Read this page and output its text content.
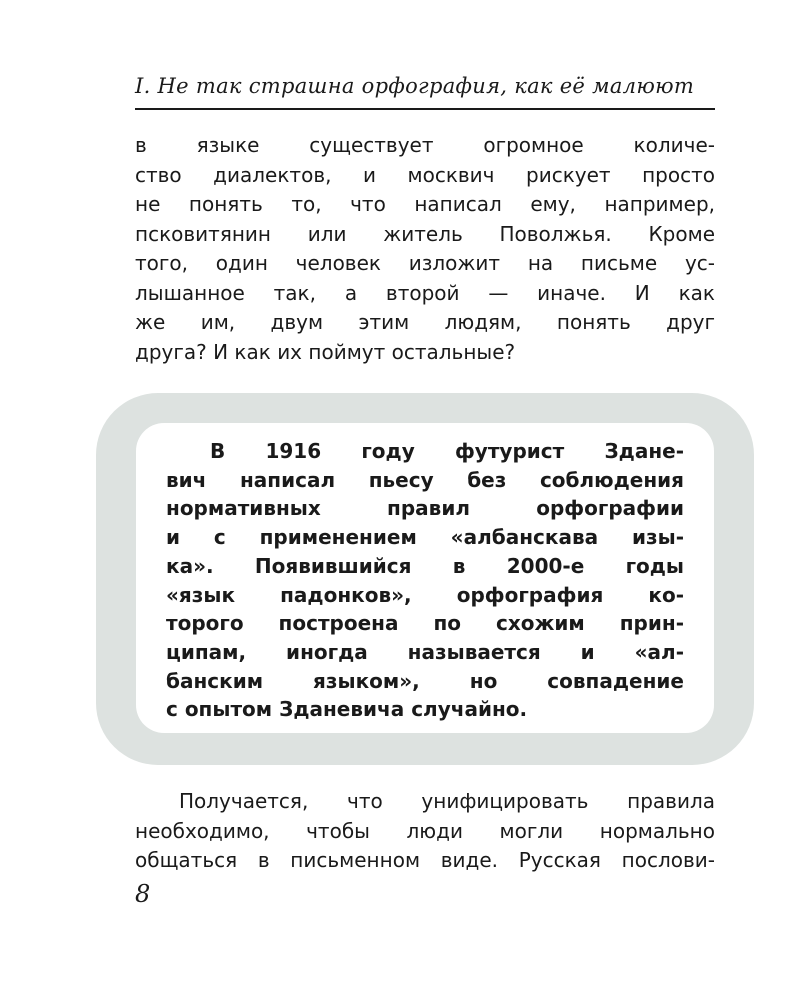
I. Не так страшна орфография, как её малюют

в языке существует огромное количе-
ство диалектов, и москвич рискует просто
не понять то, что написал ему, например,
псковитянин или житель Поволжья. Кроме
того, один человек изложит на письме ус-
лышанное так, а второй — иначе. И как
же им, двум этим людям, понять друг
друга? И как их поймут остальные?

В 1916 году футурист Здане-
вич написал пьесу без соблюдения
нормативных правил орфографии
и с применением «албанскава изы-
ка». Появившийся в 2000-е годы
«язык падонков», орфография ко-
торого построена по схожим прин-
ципам, иногда называется и «ал-
банским языком», но совпадение
с опытом Зданевича случайно.

Получается, что унифицировать правила
необходимо, чтобы люди могли нормально
общаться в письменном виде. Русская послови-

8
